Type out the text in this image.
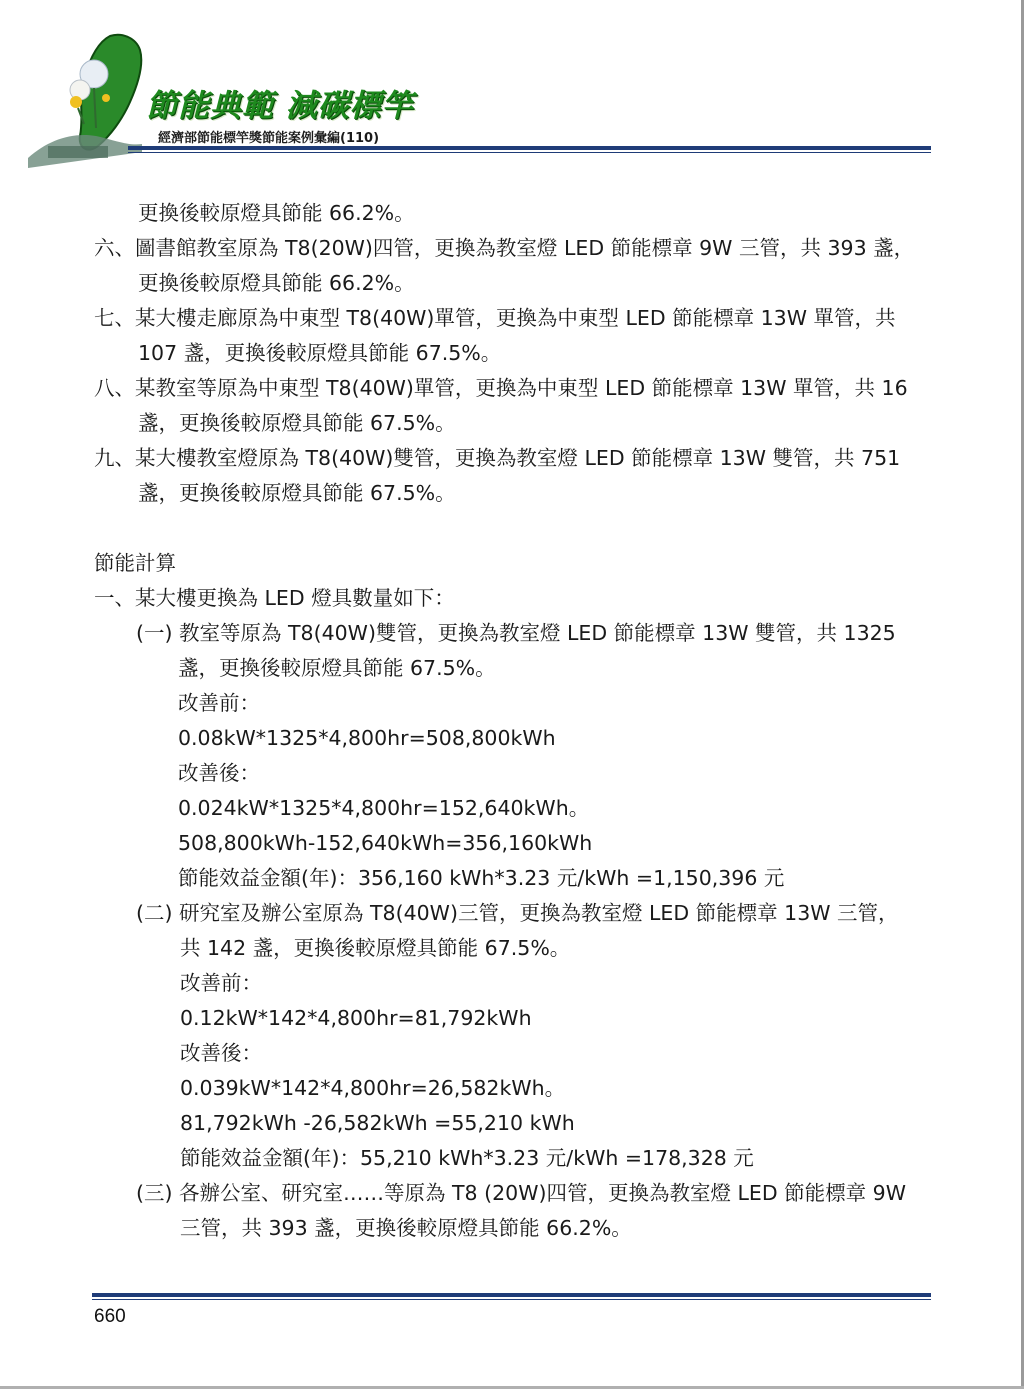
節能典範 減碳標竿
經濟部節能標竿獎節能案例彙編(110)
更換後較原燈具節能 66.2%。
六、圖書館教室原為 T8(20W)四管，更換為教室燈 LED 節能標章 9W 三管，共 393 盞，
更換後較原燈具節能 66.2%。
七、某大樓走廊原為中東型 T8(40W)單管，更換為中東型 LED 節能標章 13W 單管，共
107 盞，更換後較原燈具節能 67.5%。
八、某教室等原為中東型 T8(40W)單管，更換為中東型 LED 節能標章 13W 單管，共 16
盞，更換後較原燈具節能 67.5%。
九、某大樓教室燈原為 T8(40W)雙管，更換為教室燈 LED 節能標章 13W 雙管，共 751
盞，更換後較原燈具節能 67.5%。
節能計算
一、某大樓更換為 LED 燈具數量如下：
(一) 教室等原為 T8(40W)雙管，更換為教室燈 LED 節能標章 13W 雙管，共 1325
盞，更換後較原燈具節能 67.5%。
改善前：
0.08kW*1325*4,800hr=508,800kWh
改善後：
0.024kW*1325*4,800hr=152,640kWh。
508,800kWh-152,640kWh=356,160kWh
節能效益金額(年)：356,160 kWh*3.23 元/kWh =1,150,396 元
(二) 研究室及辦公室原為 T8(40W)三管，更換為教室燈 LED 節能標章 13W 三管，
共 142 盞，更換後較原燈具節能 67.5%。
改善前：
0.12kW*142*4,800hr=81,792kWh
改善後：
0.039kW*142*4,800hr=26,582kWh。
81,792kWh -26,582kWh =55,210 kWh
節能效益金額(年)：55,210 kWh*3.23 元/kWh =178,328 元
(三) 各辦公室、研究室……等原為 T8 (20W)四管，更換為教室燈 LED 節能標章 9W
三管，共 393 盞，更換後較原燈具節能 66.2%。
660
